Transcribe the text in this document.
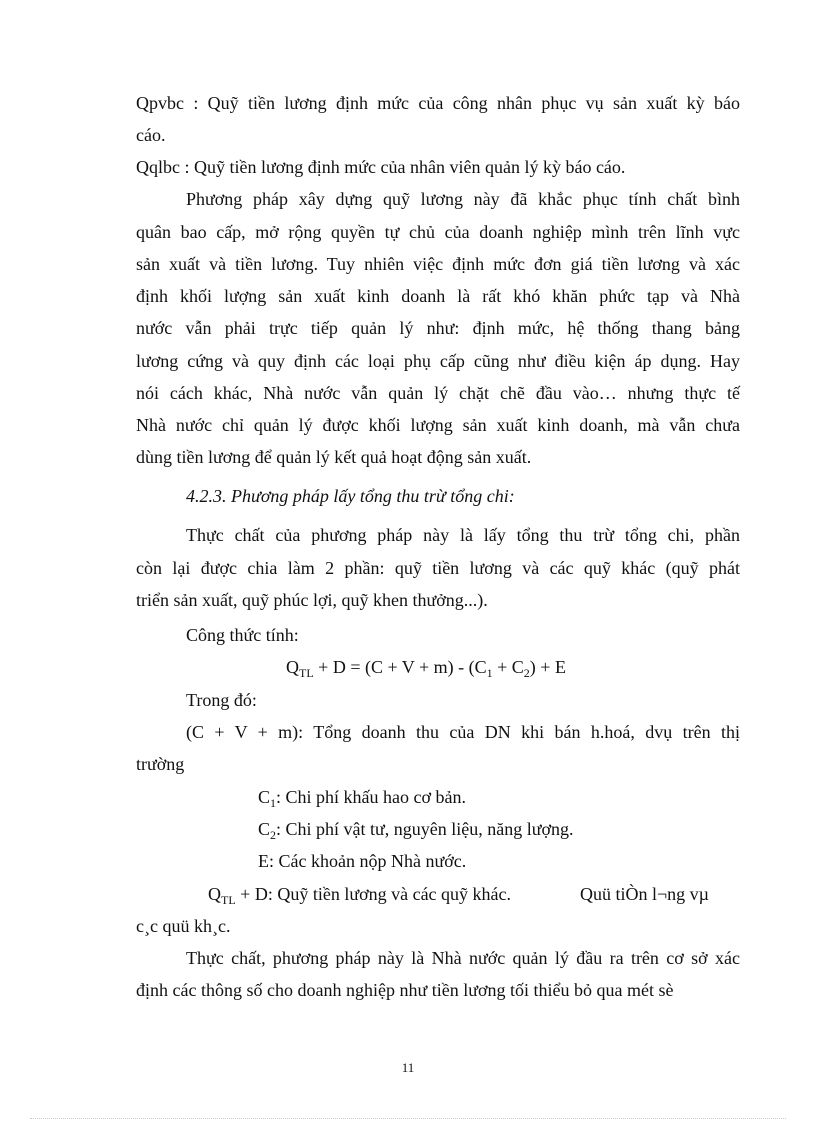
Qpvbc : Quỹ tiền lương định mức của công nhân phục vụ sản xuất kỳ báo
cáo.
Qqlbc : Quỹ tiền lương định mức của nhân viên quản lý kỳ báo cáo.
Phương pháp xây dựng quỹ lương này đã khắc phục tính chất bình
quân bao cấp, mở rộng quyền tự chủ của doanh nghiệp mình trên lĩnh vực
sản xuất và tiền lương. Tuy nhiên việc định mức đơn giá tiền lương và xác
định khối lượng sản xuất kinh doanh là rất khó khăn phức tạp và Nhà
nước vẫn phải trực tiếp quản lý như: định mức, hệ thống thang bảng
lương cứng và quy định các loại phụ cấp cũng như điều kiện áp dụng. Hay
nói cách khác, Nhà nước vẫn quản lý chặt chẽ đầu vào… nhưng thực tế
Nhà nước chỉ quản lý được khối lượng sản xuất kinh doanh, mà vẫn chưa
dùng tiền lương để quản lý kết quả hoạt động sản xuất.
4.2.3. Phương pháp lấy tổng thu trừ tổng chi:
Thực chất của phương pháp này là lấy tổng thu trừ tổng chi, phần
còn lại được chia làm 2 phần: quỹ tiền lương và các quỹ khác (quỹ phát
triển sản xuất, quỹ phúc lợi, quỹ khen thưởng...).
Công thức tính:
$Q_{TL} + D = (C + V + m) - (C_1 + C_2) + E$
Trong đó:
(C + V + m): Tổng doanh thu của DN khi bán h.hoá, dvụ trên thị
trường
$C_1$: Chi phí khấu hao cơ bản.
$C_2$: Chi phí vật tư, nguyên liệu, năng lượng.
E: Các khoản nộp Nhà nước.
$Q_{TL} + D$: Quỹ tiền lương và các quỹ khác.	Quü tiÒn l¬ng vµ
c¸c quü kh¸c.
Thực chất, phương pháp này là Nhà nước quản lý đầu ra trên cơ sở xác
định các thông số cho doanh nghiệp như tiền lương tối thiểu bỏ qua mét sè
11
